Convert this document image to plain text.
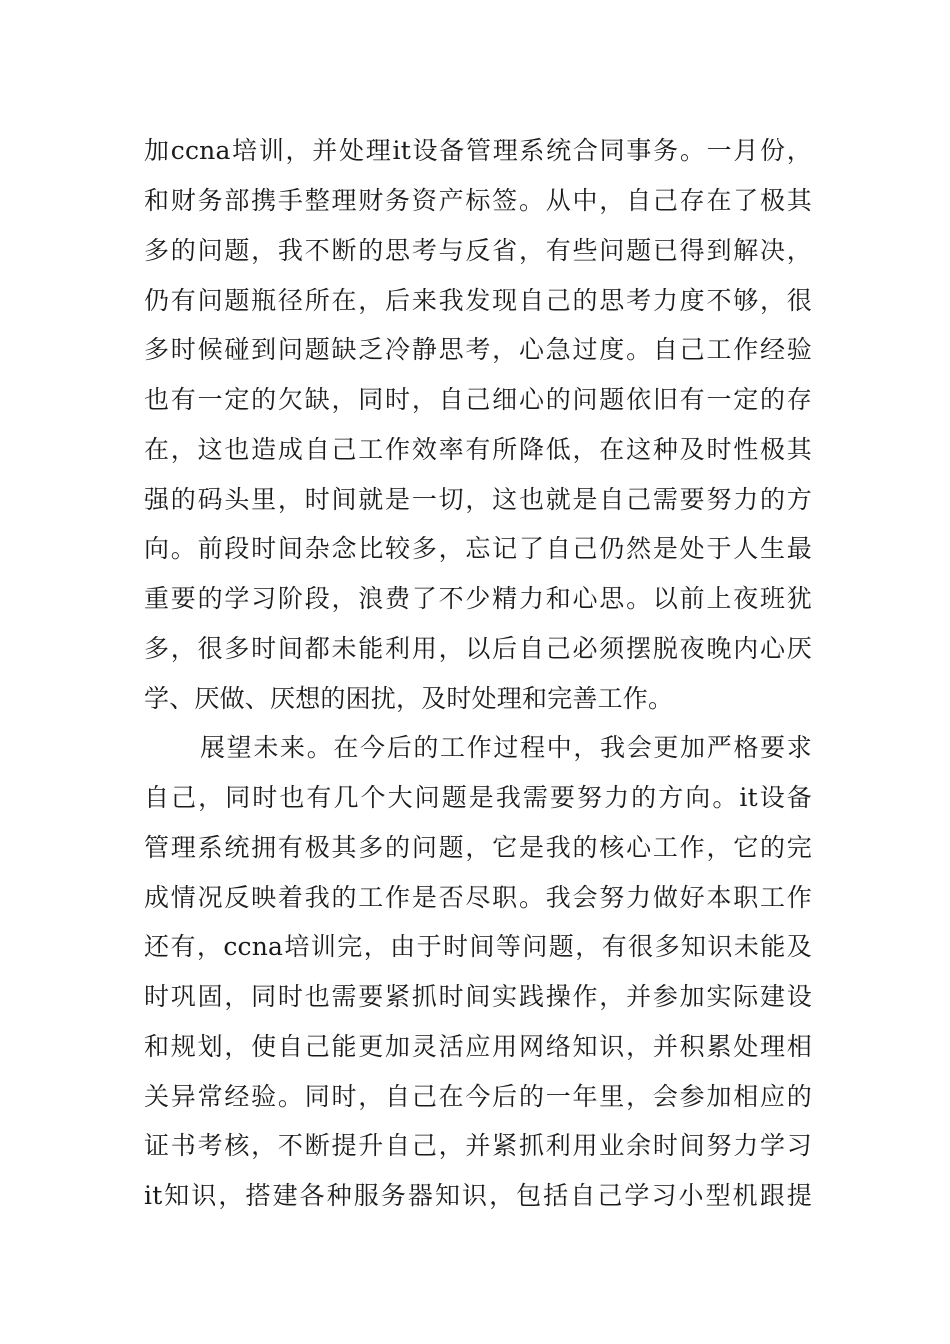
加ccna培训，并处理it设备管理系统合同事务。一月份，
和财务部携手整理财务资产标签。从中，自己存在了极其
多的问题，我不断的思考与反省，有些问题已得到解决，
仍有问题瓶径所在，后来我发现自己的思考力度不够，很
多时候碰到问题缺乏冷静思考，心急过度。自己工作经验
也有一定的欠缺，同时，自己细心的问题依旧有一定的存
在，这也造成自己工作效率有所降低，在这种及时性极其
强的码头里，时间就是一切，这也就是自己需要努力的方
向。前段时间杂念比较多，忘记了自己仍然是处于人生最
重要的学习阶段，浪费了不少精力和心思。以前上夜班犹
多，很多时间都未能利用，以后自己必须摆脱夜晚内心厌
学、厌做、厌想的困扰，及时处理和完善工作。
展望未来。在今后的工作过程中，我会更加严格要求
自己，同时也有几个大问题是我需要努力的方向。it设备
管理系统拥有极其多的问题，它是我的核心工作，它的完
成情况反映着我的工作是否尽职。我会努力做好本职工作
还有，ccna培训完，由于时间等问题，有很多知识未能及
时巩固，同时也需要紧抓时间实践操作，并参加实际建设
和规划，使自己能更加灵活应用网络知识，并积累处理相
关异常经验。同时，自己在今后的一年里，会参加相应的
证书考核，不断提升自己，并紧抓利用业余时间努力学习
it知识，搭建各种服务器知识，包括自己学习小型机跟提
